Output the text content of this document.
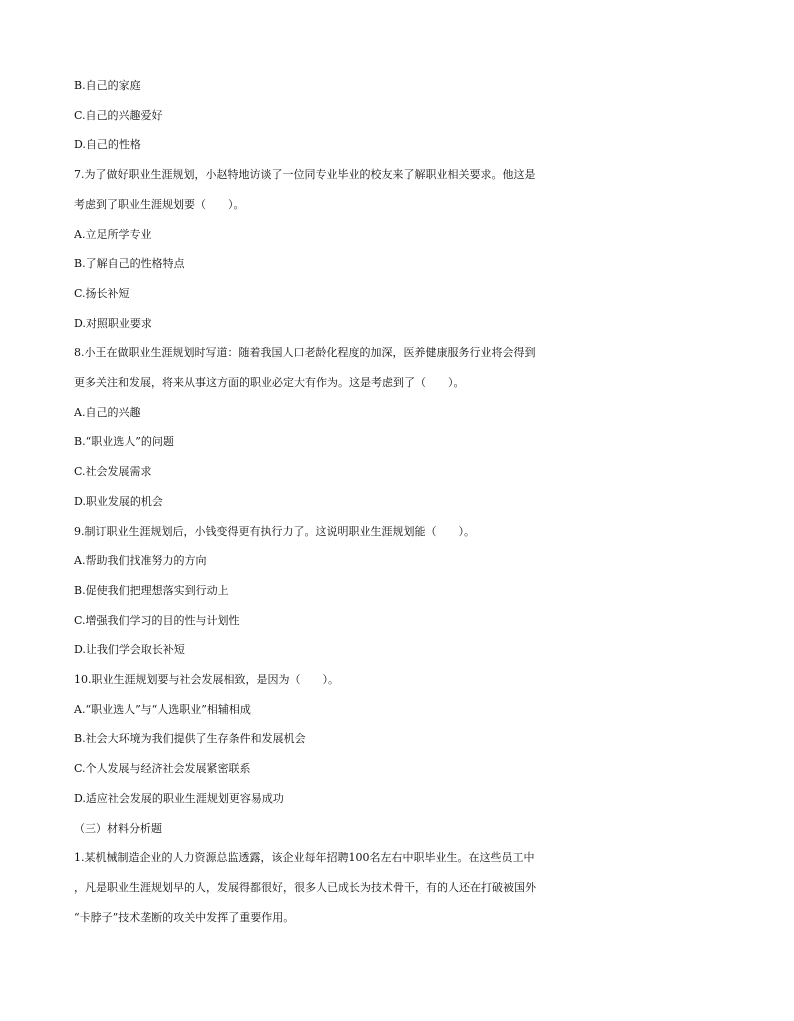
B.自己的家庭
C.自己的兴趣爱好
D.自己的性格
7.为了做好职业生涯规划，小赵特地访谈了一位同专业毕业的校友来了解职业相关要求。他这是
考虑到了职业生涯规划要（　　）。
A.立足所学专业
B.了解自己的性格特点
C.扬长补短
D.对照职业要求
8.小王在做职业生涯规划时写道：随着我国人口老龄化程度的加深，医养健康服务行业将会得到
更多关注和发展，将来从事这方面的职业必定大有作为。这是考虑到了（　　）。
A.自己的兴趣
B.“职业选人”的问题
C.社会发展需求
D.职业发展的机会
9.制订职业生涯规划后，小钱变得更有执行力了。这说明职业生涯规划能（　　）。
A.帮助我们找准努力的方向
B.促使我们把理想落实到行动上
C.增强我们学习的目的性与计划性
D.让我们学会取长补短
10.职业生涯规划要与社会发展相致，是因为（　　）。
A.“职业选人”与“人选职业”相辅相成
B.社会大环境为我们提供了生存条件和发展机会
C.个人发展与经济社会发展紧密联系
D.适应社会发展的职业生涯规划更容易成功
（三）材料分析题
1.某机械制造企业的人力资源总监透露，该企业每年招聘100名左右中职毕业生。在这些员工中
，凡是职业生涯规划早的人，发展得都很好，很多人已成长为技术骨干，有的人还在打破被国外
“卡脖子”技术垄断的攻关中发挥了重要作用。
